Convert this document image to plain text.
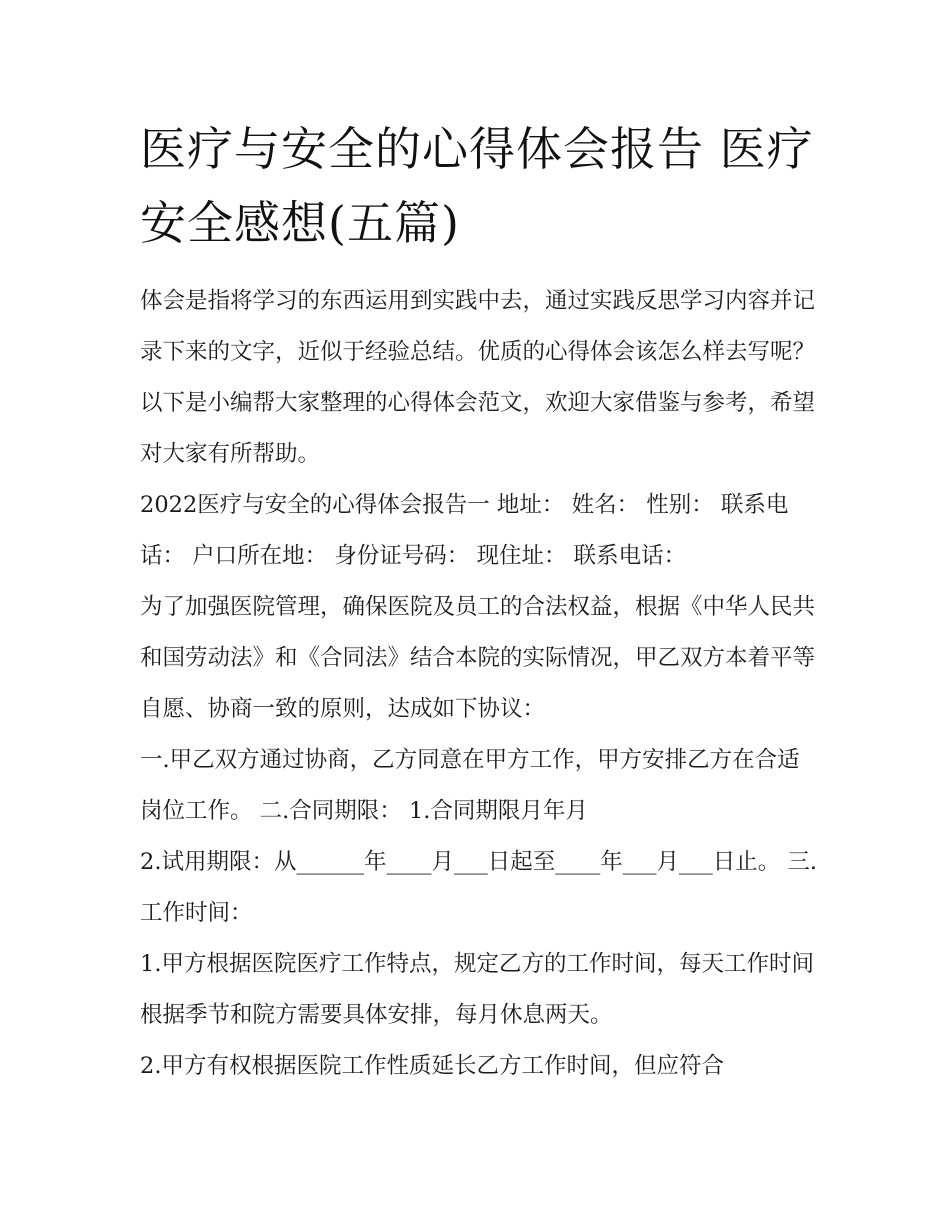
医疗与安全的心得体会报告 医疗安全感想(五篇)

体会是指将学习的东西运用到实践中去，通过实践反思学习内容并记录下来的文字，近似于经验总结。优质的心得体会该怎么样去写呢？以下是小编帮大家整理的心得体会范文，欢迎大家借鉴与参考，希望对大家有所帮助。

2022医疗与安全的心得体会报告一 地址： 姓名： 性别： 联系电话： 户口所在地： 身份证号码： 现住址： 联系电话：

为了加强医院管理，确保医院及员工的合法权益，根据《中华人民共和国劳动法》和《合同法》结合本院的实际情况，甲乙双方本着平等自愿、协商一致的原则，达成如下协议：

一.甲乙双方通过协商，乙方同意在甲方工作，甲方安排乙方在合适岗位工作。 二.合同期限： 1.合同期限月年月

2.试用期限：从______年____月___日起至____年___月___日止。 三.工作时间：

1.甲方根据医院医疗工作特点，规定乙方的工作时间，每天工作时间根据季节和院方需要具体安排，每月休息两天。

2.甲方有权根据医院工作性质延长乙方工作时间，但应符合
